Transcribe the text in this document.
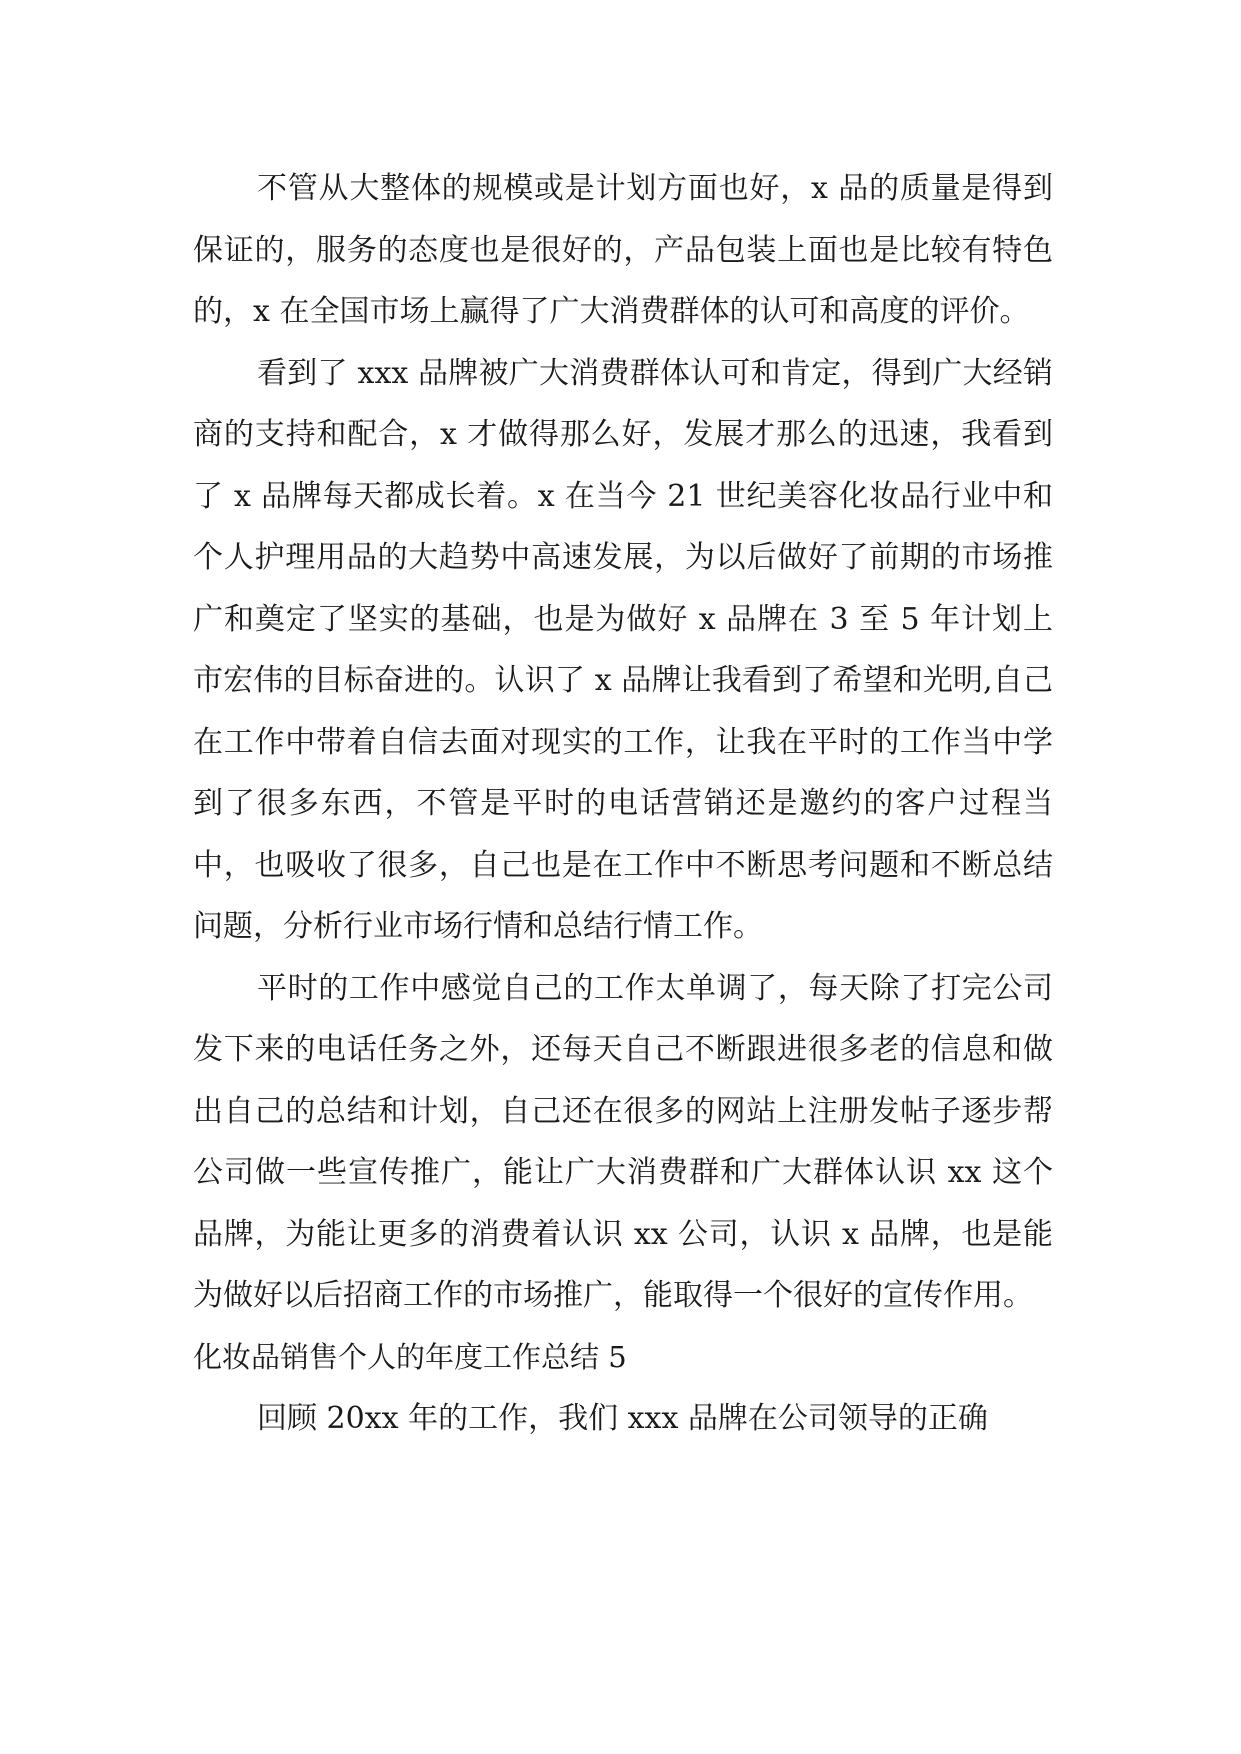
不管从大整体的规模或是计划方面也好，x 品的质量是得到保证的，服务的态度也是很好的，产品包装上面也是比较有特色的，x 在全国市场上赢得了广大消费群体的认可和高度的评价。

看到了 xxx 品牌被广大消费群体认可和肯定，得到广大经销商的支持和配合，x 才做得那么好，发展才那么的迅速，我看到了 x 品牌每天都成长着。x 在当今 21 世纪美容化妆品行业中和个人护理用品的大趋势中高速发展，为以后做好了前期的市场推广和奠定了坚实的基础，也是为做好 x 品牌在 3 至 5 年计划上市宏伟的目标奋进的。认识了 x 品牌让我看到了希望和光明,自己在工作中带着自信去面对现实的工作，让我在平时的工作当中学到了很多东西，不管是平时的电话营销还是邀约的客户过程当中，也吸收了很多，自己也是在工作中不断思考问题和不断总结问题，分析行业市场行情和总结行情工作。

平时的工作中感觉自己的工作太单调了，每天除了打完公司发下来的电话任务之外，还每天自己不断跟进很多老的信息和做出自己的总结和计划，自己还在很多的网站上注册发帖子逐步帮公司做一些宣传推广，能让广大消费群和广大群体认识 xx 这个品牌，为能让更多的消费着认识 xx 公司，认识 x 品牌，也是能为做好以后招商工作的市场推广，能取得一个很好的宣传作用。

化妆品销售个人的年度工作总结 5

回顾 20xx 年的工作，我们 xxx 品牌在公司领导的正确
